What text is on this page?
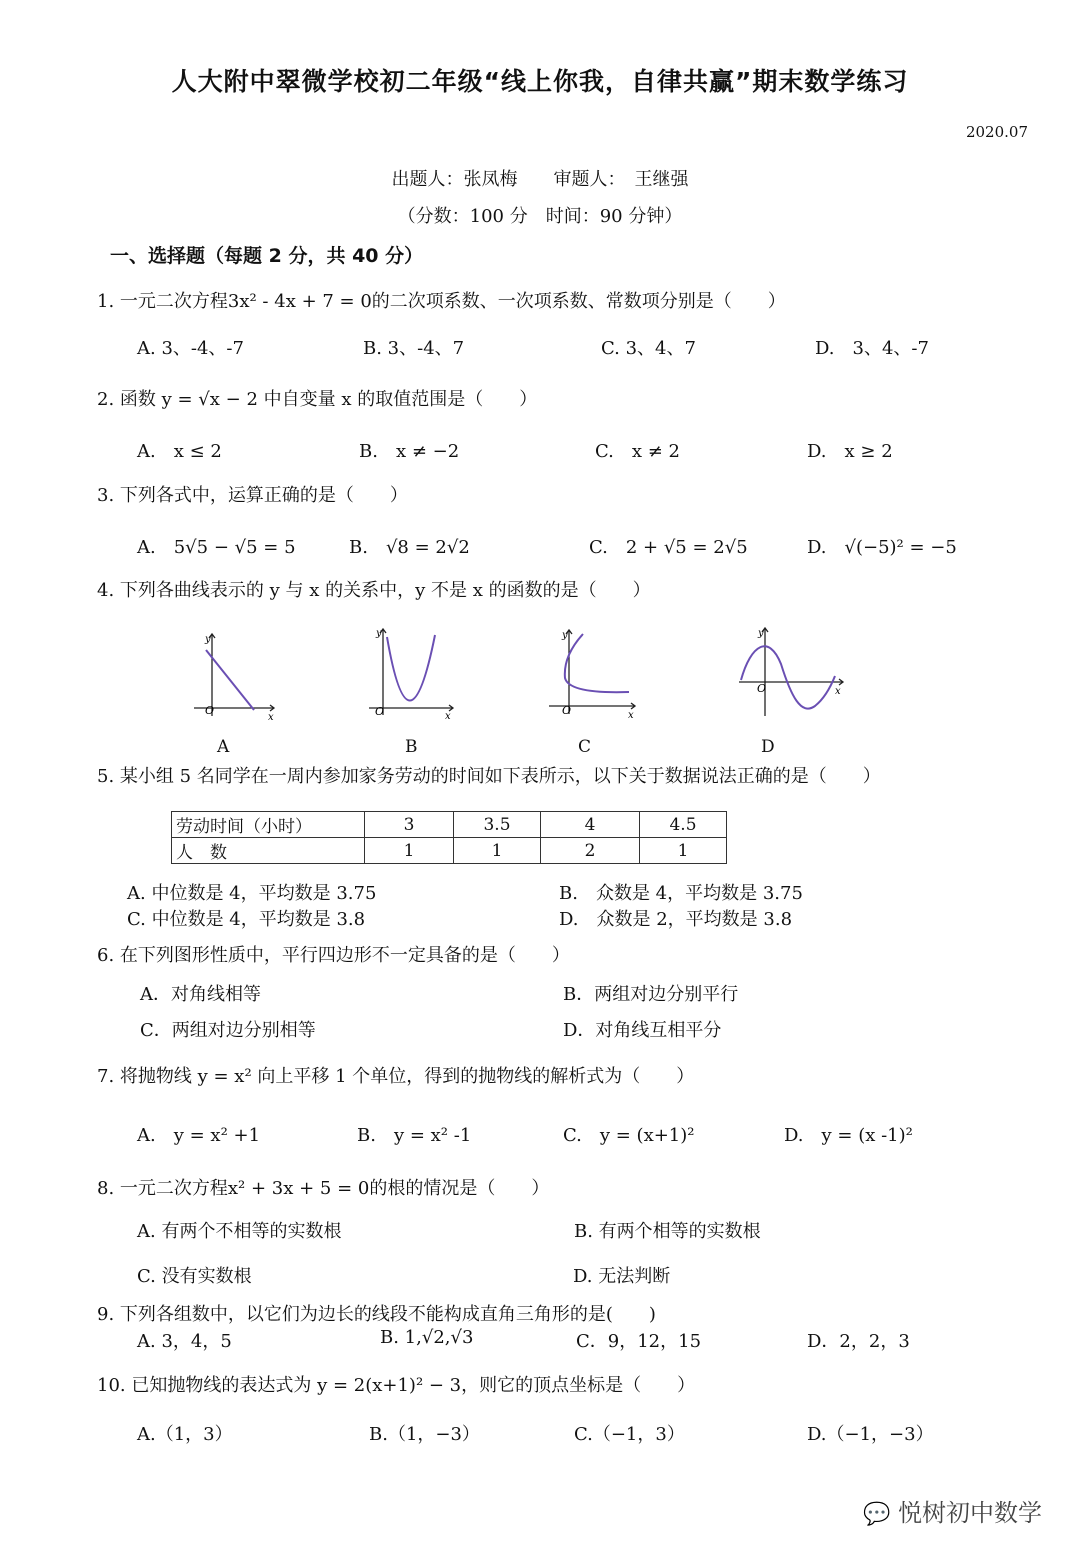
人大附中翠微学校初二年级“线上你我，自律共赢”期末数学练习
2020.07
出题人：张凤梅　　审题人：　王继强
（分数：100 分　时间：90 分钟）
一、选择题（每题 2 分，共 40 分）
1. 一元二次方程3x² - 4x + 7 = 0的二次项系数、一次项系数、常数项分别是（　　）
A. 3、-4、-7	B. 3、-4、7	C. 3、4、7	D.　3、4、-7
2. 函数 y = √x − 2 中自变量 x 的取值范围是（　　）
A.　x ≤ 2	B.　x ≠ −2	C.　x ≠ 2	D.　x ≥ 2
3. 下列各式中，运算正确的是（　　）
A.　5√5 − √5 = 5	B.　√8 = 2√2	C.　2 + √5 = 2√5	D.　√(−5)² = −5
4. 下列各曲线表示的 y 与 x 的关系中，y 不是 x 的函数的是（　　）
O
x
y
A
O	x
y
B
O	x
y
C
O	x
y
D
5. 某小组 5 名同学在一周内参加家务劳动的时间如下表所示，以下关于数据说法正确的是（　　）
劳动时间（小时）	3	3.5	4	4.5
人　数	1	1	2	1
A. 中位数是 4，平均数是 3.75	B.　众数是 4，平均数是 3.75
C. 中位数是 4，平均数是 3.8	D.　众数是 2，平均数是 3.8
6. 在下列图形性质中，平行四边形不一定具备的是（　　）
A．对角线相等	B．两组对边分别平行
C．两组对边分别相等	D．对角线互相平分
7. 将抛物线 y = x² 向上平移 1 个单位，得到的抛物线的解析式为（　　）
A.　y = x² +1	B.　y = x² -1	C.　y = (x+1)²	D.　y = (x -1)²
8. 一元二次方程x² + 3x + 5 = 0的根的情况是（　　）
A. 有两个不相等的实数根	B. 有两个相等的实数根
C. 没有实数根	D. 无法判断
9. 下列各组数中，以它们为边长的线段不能构成直角三角形的是(　　)
A. 3，4，5	B. 1,√2,√3	C．9，12，15	D．2，2，3
10. 已知抛物线的表达式为 y = 2(x+1)² − 3，则它的顶点坐标是（　　）
A.（1，3）	B.（1，−3）	C.（−1，3）	D.（−1，−3）
💬 悦树初中数学
